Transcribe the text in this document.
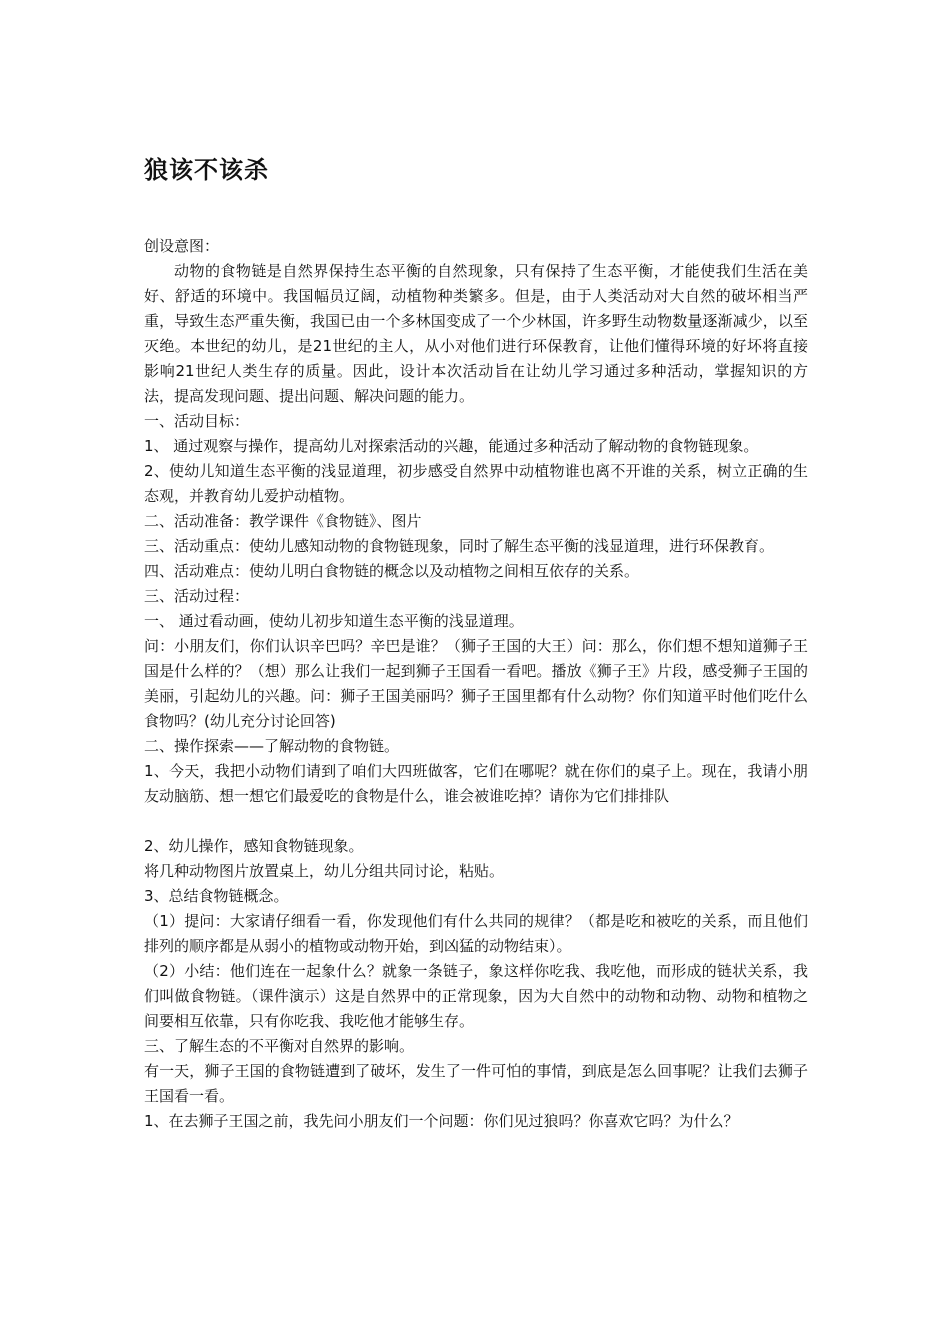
狼该不该杀

创设意图：

动物的食物链是自然界保持生态平衡的自然现象，只有保持了生态平衡，才能使我们生活在美好、舒适的环境中。我国幅员辽阔，动植物种类繁多。但是，由于人类活动对大自然的破坏相当严重，导致生态严重失衡，我国已由一个多林国变成了一个少林国，许多野生动物数量逐渐减少，以至灭绝。本世纪的幼儿，是21世纪的主人，从小对他们进行环保教育，让他们懂得环境的好坏将直接影响21世纪人类生存的质量。因此，设计本次活动旨在让幼儿学习通过多种活动，掌握知识的方法，提高发现问题、提出问题、解决问题的能力。

一、活动目标：

1、 通过观察与操作，提高幼儿对探索活动的兴趣，能通过多种活动了解动物的食物链现象。

2、使幼儿知道生态平衡的浅显道理，初步感受自然界中动植物谁也离不开谁的关系，树立正确的生态观，并教育幼儿爱护动植物。

二、活动准备：教学课件《食物链》、图片

三、活动重点：使幼儿感知动物的食物链现象，同时了解生态平衡的浅显道理，进行环保教育。

四、活动难点：使幼儿明白食物链的概念以及动植物之间相互依存的关系。

三、活动过程：

一、 通过看动画，使幼儿初步知道生态平衡的浅显道理。

问：小朋友们，你们认识辛巴吗？辛巴是谁？（狮子王国的大王）问：那么，你们想不想知道狮子王国是什么样的？（想）那么让我们一起到狮子王国看一看吧。播放《狮子王》片段，感受狮子王国的美丽，引起幼儿的兴趣。问：狮子王国美丽吗？狮子王国里都有什么动物？你们知道平时他们吃什么食物吗？(幼儿充分讨论回答)

二、操作探索——了解动物的食物链。

1、今天，我把小动物们请到了咱们大四班做客，它们在哪呢？就在你们的桌子上。现在，我请小朋友动脑筋、想一想它们最爱吃的食物是什么，谁会被谁吃掉？请你为它们排排队

2、幼儿操作，感知食物链现象。

将几种动物图片放置桌上，幼儿分组共同讨论，粘贴。

3、总结食物链概念。

（1）提问：大家请仔细看一看，你发现他们有什么共同的规律？（都是吃和被吃的关系，而且他们排列的顺序都是从弱小的植物或动物开始，到凶猛的动物结束）。

（2）小结：他们连在一起象什么？就象一条链子，象这样你吃我、我吃他，而形成的链状关系，我们叫做食物链。（课件演示）这是自然界中的正常现象，因为大自然中的动物和动物、动物和植物之间要相互依靠，只有你吃我、我吃他才能够生存。

三、了解生态的不平衡对自然界的影响。

有一天，狮子王国的食物链遭到了破坏，发生了一件可怕的事情，到底是怎么回事呢？让我们去狮子王国看一看。

1、在去狮子王国之前，我先问小朋友们一个问题：你们见过狼吗？你喜欢它吗？为什么？
